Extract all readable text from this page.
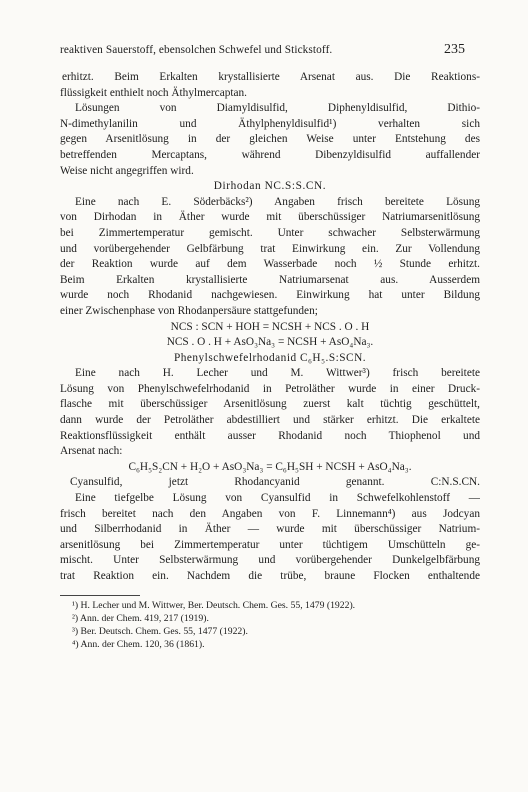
reaktiven Sauerstoff, ebensolchen Schwefel und Stickstoff.	235
erhitzt. Beim Erkalten krystallisierte Arsenat aus. Die Reaktions-
flüssigkeit enthielt noch Äthylmercaptan.
Lösungen von Diamyldisulfid, Diphenyldisulfid, Dithio-
N-dimethylanilin und Äthylphenyldisulfid¹) verhalten sich
gegen Arsenitlösung in der gleichen Weise unter Entstehung des
betreffenden Mercaptans, während Dibenzyldisulfid auffallender
Weise nicht angegriffen wird.
Dirhodan NC.S:S.CN.
Eine nach E. Söderbäcks²) Angaben frisch bereitete Lösung
von Dirhodan in Äther wurde mit überschüssiger Natriumarsenitlösung
bei Zimmertemperatur gemischt. Unter schwacher Selbsterwärmung
und vorübergehender Gelbfärbung trat Einwirkung ein. Zur Vollendung
der Reaktion wurde auf dem Wasserbade noch ½ Stunde erhitzt.
Beim Erkalten krystallisierte Natriumarsenat aus. Ausserdem
wurde noch Rhodanid nachgewiesen. Einwirkung hat unter Bildung
einer Zwischenphase von Rhodanpersäure stattgefunden;
NCS : SCN + HOH = NCSH + NCS . O . H
NCS . O . H + AsO₃Na₃ = NCSH + AsO₄Na₃.
Phenylschwefelrhodanid C₆H₅.S:SCN.
Eine nach H. Lecher und M. Wittwer³) frisch bereitete
Lösung von Phenylschwefelrhodanid in Petroläther wurde in einer Druck-
flasche mit überschüssiger Arsenitlösung zuerst kalt tüchtig geschüttelt,
dann wurde der Petroläther abdestilliert und stärker erhitzt. Die erkaltete
Reaktionsflüssigkeit enthält ausser Rhodanid noch Thiophenol und
Arsenat nach:
C₆H₅S₂CN + H₂O + AsO₃Na₃ = C₆H₅SH + NCSH + AsO₄Na₃.
Cyansulfid, jetzt Rhodancyanid genannt. C:N.S.CN.
Eine tiefgelbe Lösung von Cyansulfid in Schwefelkohlenstoff —
frisch bereitet nach den Angaben von F. Linnemann⁴) aus Jodcyan
und Silberrhodanid in Äther — wurde mit überschüssiger Natrium-
arsenitlösung bei Zimmertemperatur unter tüchtigem Umschütteln ge-
mischt. Unter Selbsterwärmung und vorübergehender Dunkelgelbfärbung
trat Reaktion ein. Nachdem die trübe, braune Flocken enthaltende
¹) H. Lecher und M. Wittwer, Ber. Deutsch. Chem. Ges. 55, 1479 (1922).
²) Ann. der Chem. 419, 217 (1919).
³) Ber. Deutsch. Chem. Ges. 55, 1477 (1922).
⁴) Ann. der Chem. 120, 36 (1861).
